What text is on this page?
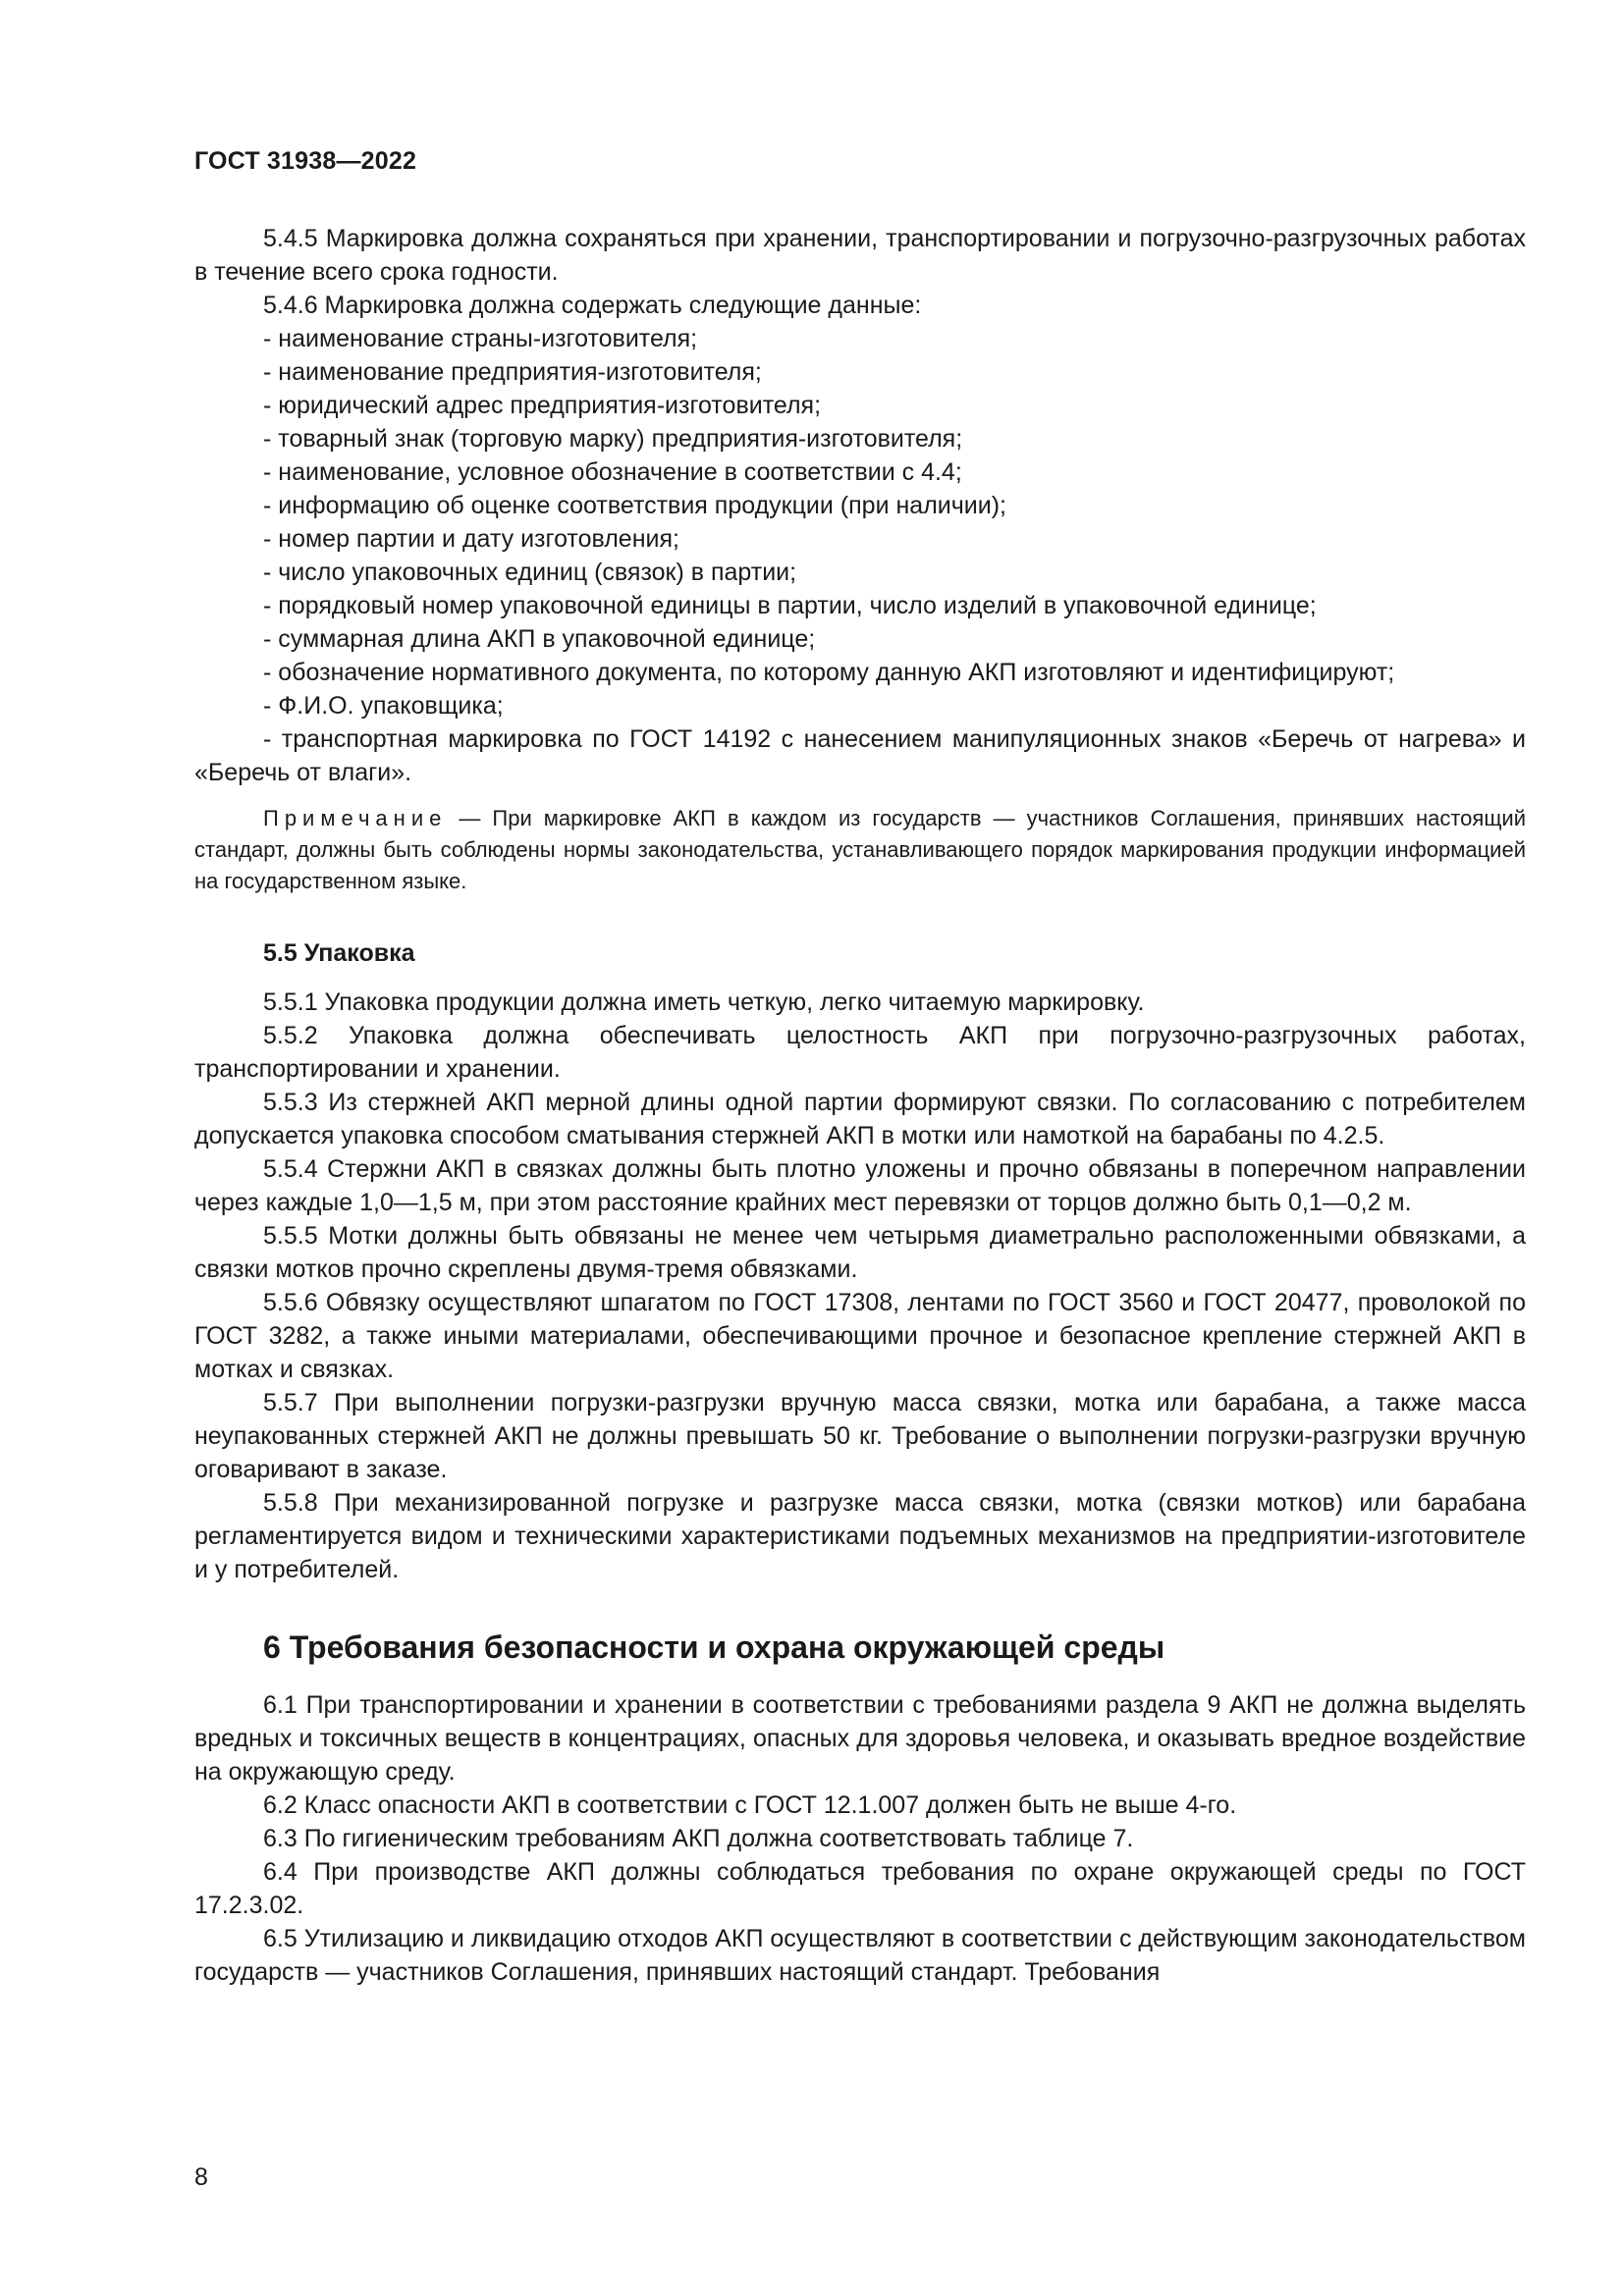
ГОСТ 31938—2022

5.4.5 Маркировка должна сохраняться при хранении, транспортировании и погрузочно-разгрузочных работах в течение всего срока годности.

5.4.6 Маркировка должна содержать следующие данные:

- наименование страны-изготовителя;

- наименование предприятия-изготовителя;

- юридический адрес предприятия-изготовителя;

- товарный знак (торговую марку) предприятия-изготовителя;

- наименование, условное обозначение в соответствии с 4.4;

- информацию об оценке соответствия продукции (при наличии);

- номер партии и дату изготовления;

- число упаковочных единиц (связок) в партии;

- порядковый номер упаковочной единицы в партии, число изделий в упаковочной единице;

- суммарная длина АКП в упаковочной единице;

- обозначение нормативного документа, по которому данную АКП изготовляют и идентифицируют;

- Ф.И.О. упаковщика;

- транспортная маркировка по ГОСТ 14192 с нанесением манипуляционных знаков «Беречь от нагрева» и «Беречь от влаги».

Примечание — При маркировке АКП в каждом из государств — участников Соглашения, принявших настоящий стандарт, должны быть соблюдены нормы законодательства, устанавливающего порядок маркирования продукции информацией на государственном языке.

5.5 Упаковка

5.5.1 Упаковка продукции должна иметь четкую, легко читаемую маркировку.

5.5.2 Упаковка должна обеспечивать целостность АКП при погрузочно-разгрузочных работах, транспортировании и хранении.

5.5.3 Из стержней АКП мерной длины одной партии формируют связки. По согласованию с потребителем допускается упаковка способом сматывания стержней АКП в мотки или намоткой на барабаны по 4.2.5.

5.5.4 Стержни АКП в связках должны быть плотно уложены и прочно обвязаны в поперечном направлении через каждые 1,0—1,5 м, при этом расстояние крайних мест перевязки от торцов должно быть 0,1—0,2 м.

5.5.5 Мотки должны быть обвязаны не менее чем четырьмя диаметрально расположенными обвязками, а связки мотков прочно скреплены двумя-тремя обвязками.

5.5.6 Обвязку осуществляют шпагатом по ГОСТ 17308, лентами по ГОСТ 3560 и ГОСТ 20477, проволокой по ГОСТ 3282, а также иными материалами, обеспечивающими прочное и безопасное крепление стержней АКП в мотках и связках.

5.5.7 При выполнении погрузки-разгрузки вручную масса связки, мотка или барабана, а также масса неупакованных стержней АКП не должны превышать 50 кг. Требование о выполнении погрузки-разгрузки вручную оговаривают в заказе.

5.5.8 При механизированной погрузке и разгрузке масса связки, мотка (связки мотков) или барабана регламентируется видом и техническими характеристиками подъемных механизмов на предприятии-изготовителе и у потребителей.

6 Требования безопасности и охрана окружающей среды

6.1 При транспортировании и хранении в соответствии с требованиями раздела 9 АКП не должна выделять вредных и токсичных веществ в концентрациях, опасных для здоровья человека, и оказывать вредное воздействие на окружающую среду.

6.2 Класс опасности АКП в соответствии с ГОСТ 12.1.007 должен быть не выше 4-го.

6.3 По гигиеническим требованиям АКП должна соответствовать таблице 7.

6.4 При производстве АКП должны соблюдаться требования по охране окружающей среды по ГОСТ 17.2.3.02.

6.5 Утилизацию и ликвидацию отходов АКП осуществляют в соответствии с действующим законодательством государств — участников Соглашения, принявших настоящий стандарт. Требования

8
